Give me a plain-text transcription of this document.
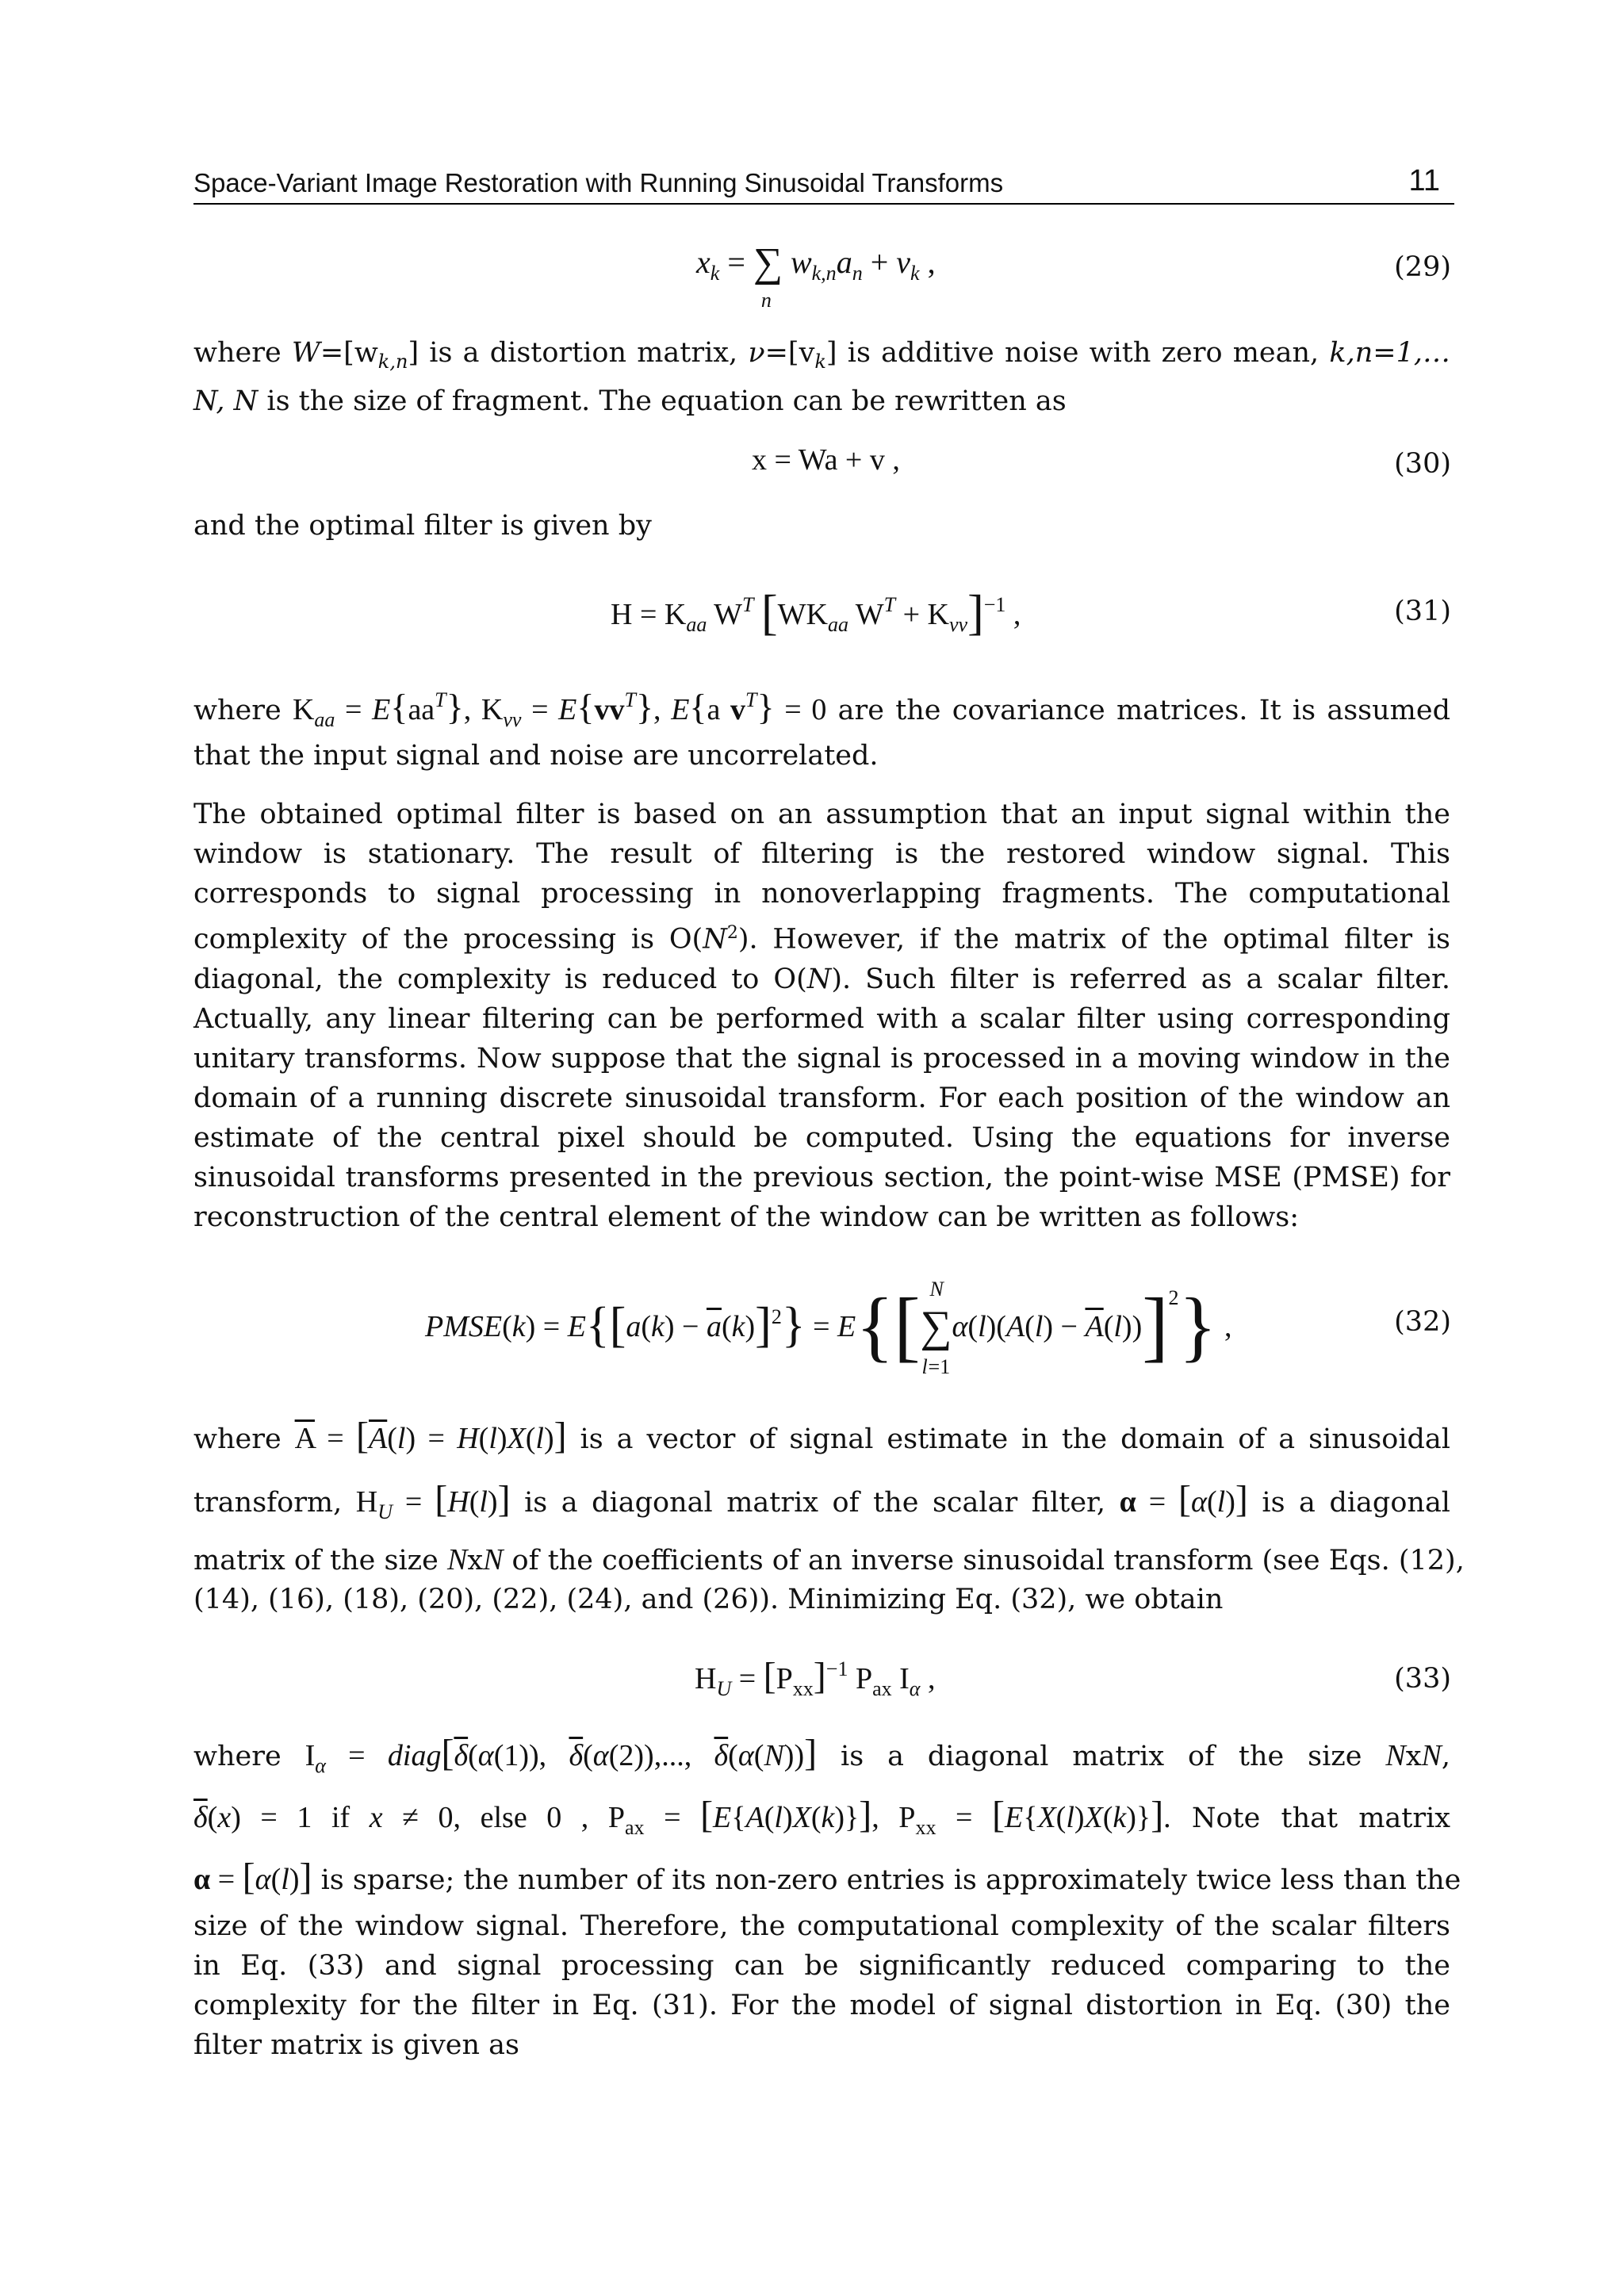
Space-Variant Image Restoration with Running Sinusoidal Transforms	11
$x_k$ = ∑
n
$w_{k,n}a_n + v_k$ ,	(29)
where $W=[w_{k,n}]$ is a distortion matrix, $\nu=[v_k]$ is additive noise with zero mean, k,n=1,…N, N is the size of fragment. The equation can be rewritten as
x = Wa + v ,	(30)
and the optimal filter is given by
$H = K_{aa}$ $W^T$ [$WK_{aa}$ $W^T + K_{\nu\nu}]^{-1}$ ,	(31)
where $K_{aa} = E\{aa^T\}$, $K_{\nu\nu} = E\{vv^T\}$, E{a $v^T\} = 0$ are the covariance matrices. It is assumed
that the input signal and noise are uncorrelated.
The obtained optimal filter is based on an assumption that an input signal within the window is stationary. The result of filtering is the restored window signal. This corresponds to signal processing in nonoverlapping fragments. The computational complexity of the processing is $O(N^2)$. However, if the matrix of the optimal filter is diagonal, the complexity is reduced to O(N). Such filter is referred as a scalar filter. Actually, any linear filtering can be performed with a scalar filter using corresponding unitary transforms. Now suppose that the signal is processed in a moving window in the domain of a running discrete sinusoidal transform. For each position of the window an estimate of the central pixel should be computed. Using the equations for inverse sinusoidal transforms presented in the previous section, the point-wise MSE (PMSE) for reconstruction of the central element of the window can be written as follows:
PMSE(k) = $E\{[a(k) - \overline{a}(k)]^2\} = E\{[\sum$
N
l =1
$\alpha(l)(A(l) - \overline{A}(l))]^2$} ,	(32)
where $\overline{A} = [\overline{A}(l) = H(l)X(l)]$ is a vector of signal estimate in the domain of a sinusoidal
transform, $H_U = [H(l)]$ is a diagonal matrix of the scalar filter, α = [α(l)] is a diagonal
matrix of the size NxN of the coefficients of an inverse sinusoidal transform (see Eqs. (12),
(14), (16), (18), (20), (22), (24), and (26)). Minimizing Eq. (32), we obtain
$H_U = [P_{xx}]^{-1}$ $P_{ax}$ $I_\alpha$ ,	(33)
where $I_\alpha$ = $diag[\overline{\delta}(\alpha(1))$, $\overline{\delta}(\alpha(2))$,..., $\overline{\delta}(\alpha(N))$] is a diagonal matrix of the size NxN,
$\overline{\delta}(x) = 1$ if x ≠ 0, else 0 , $P_{ax} = [E\{A(l)X(k)\}]$, $P_{xx} = [E\{X(l)X(k)\}]$. Note that matrix
α = [α(l)] is sparse; the number of its non-zero entries is approximately twice less than the
size of the window signal. Therefore, the computational complexity of the scalar filters in Eq. (33) and signal processing can be significantly reduced comparing to the complexity for the filter in Eq. (31). For the model of signal distortion in Eq. (30) the filter matrix is given as
